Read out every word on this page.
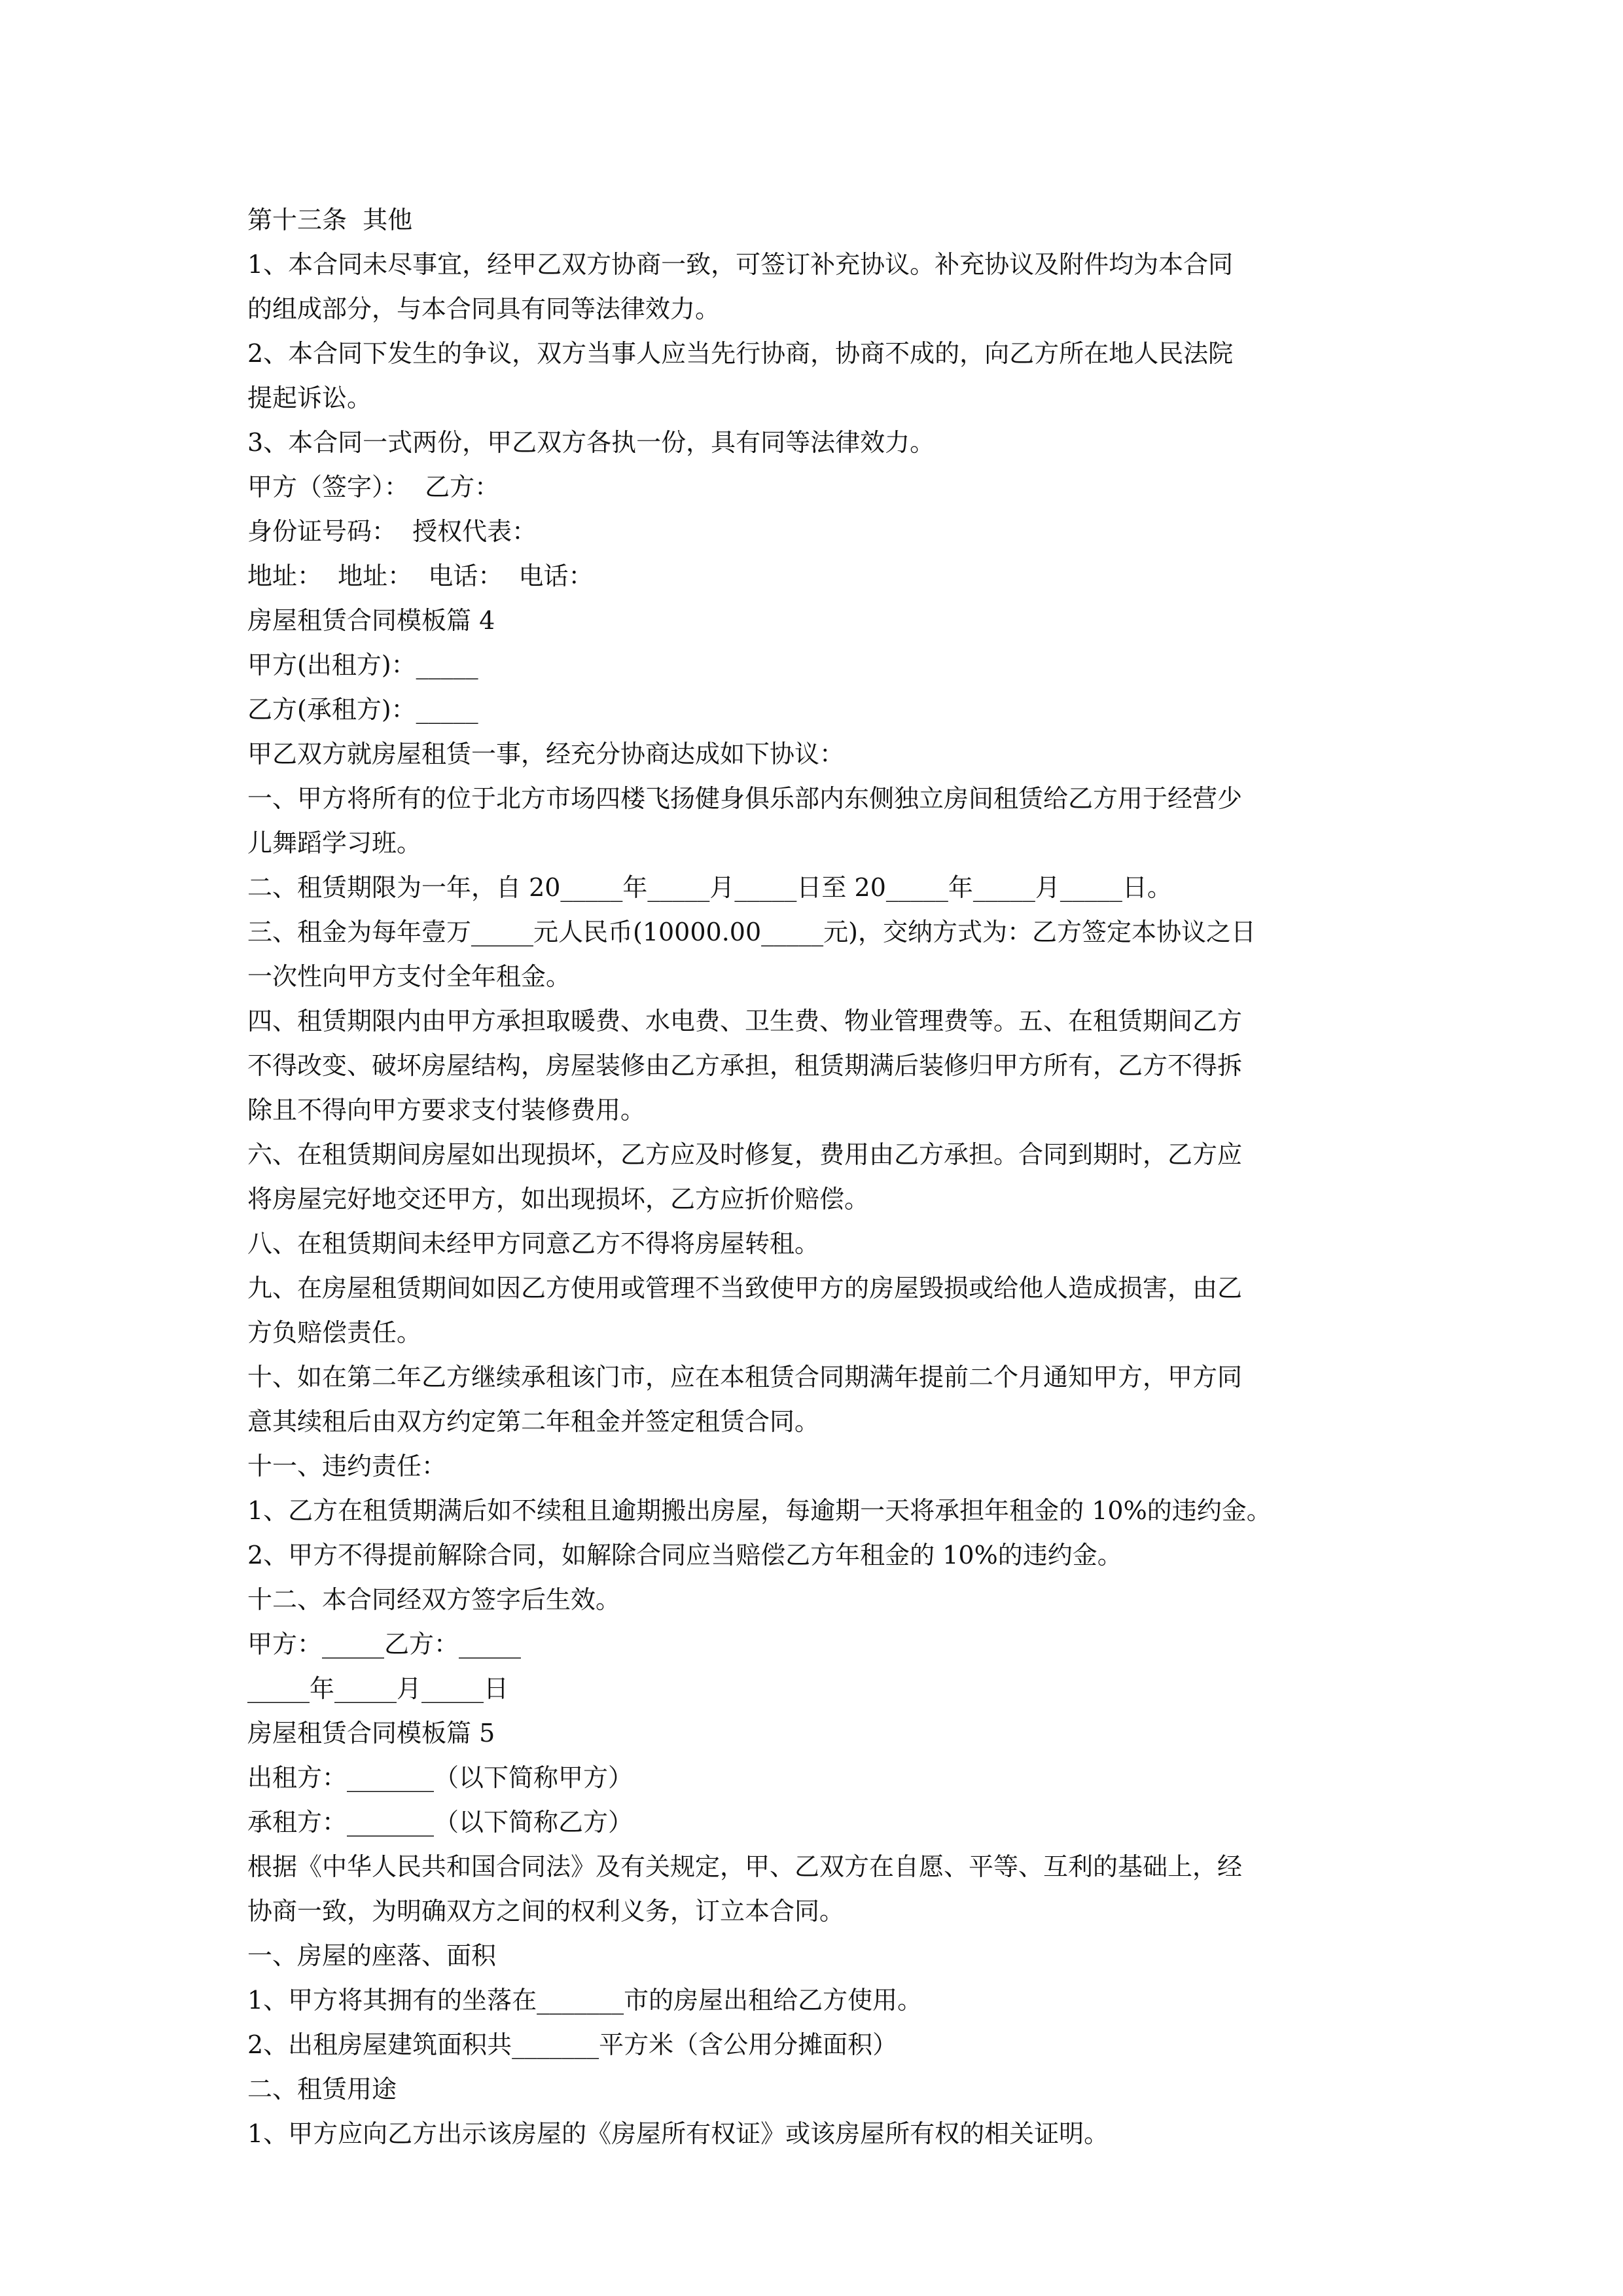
第十三条  其他
1、本合同未尽事宜，经甲乙双方协商一致，可签订补充协议。补充协议及附件均为本合同
的组成部分，与本合同具有同等法律效力。
2、本合同下发生的争议，双方当事人应当先行协商，协商不成的，向乙方所在地人民法院
提起诉讼。
3、本合同一式两份，甲乙双方各执一份，具有同等法律效力。
甲方（签字）：  乙方：
身份证号码：  授权代表：
地址：  地址：  电话：  电话：
房屋租赁合同模板篇 4
甲方(出租方)：_____
乙方(承租方)：_____
甲乙双方就房屋租赁一事，经充分协商达成如下协议：
一、甲方将所有的位于北方市场四楼飞扬健身俱乐部内东侧独立房间租赁给乙方用于经营少
儿舞蹈学习班。
二、租赁期限为一年，自 20_____年_____月_____日至 20_____年_____月_____日。
三、租金为每年壹万_____元人民币(10000.00_____元)，交纳方式为：乙方签定本协议之日
一次性向甲方支付全年租金。
四、租赁期限内由甲方承担取暖费、水电费、卫生费、物业管理费等。五、在租赁期间乙方
不得改变、破坏房屋结构，房屋装修由乙方承担，租赁期满后装修归甲方所有，乙方不得拆
除且不得向甲方要求支付装修费用。
六、在租赁期间房屋如出现损坏，乙方应及时修复，费用由乙方承担。合同到期时，乙方应
将房屋完好地交还甲方，如出现损坏，乙方应折价赔偿。
八、在租赁期间未经甲方同意乙方不得将房屋转租。
九、在房屋租赁期间如因乙方使用或管理不当致使甲方的房屋毁损或给他人造成损害，由乙
方负赔偿责任。
十、如在第二年乙方继续承租该门市，应在本租赁合同期满年提前二个月通知甲方，甲方同
意其续租后由双方约定第二年租金并签定租赁合同。
十一、违约责任：
1、乙方在租赁期满后如不续租且逾期搬出房屋，每逾期一天将承担年租金的 10%的违约金。
2、甲方不得提前解除合同，如解除合同应当赔偿乙方年租金的 10%的违约金。
十二、本合同经双方签字后生效。
甲方：_____乙方：_____
_____年_____月_____日
房屋租赁合同模板篇 5
出租方：_______（以下简称甲方）
承租方：_______（以下简称乙方）
根据《中华人民共和国合同法》及有关规定，甲、乙双方在自愿、平等、互利的基础上，经
协商一致，为明确双方之间的权利义务，订立本合同。
一、房屋的座落、面积
1、甲方将其拥有的坐落在_______市的房屋出租给乙方使用。
2、出租房屋建筑面积共_______平方米（含公用分摊面积）
二、租赁用途
1、甲方应向乙方出示该房屋的《房屋所有权证》或该房屋所有权的相关证明。
